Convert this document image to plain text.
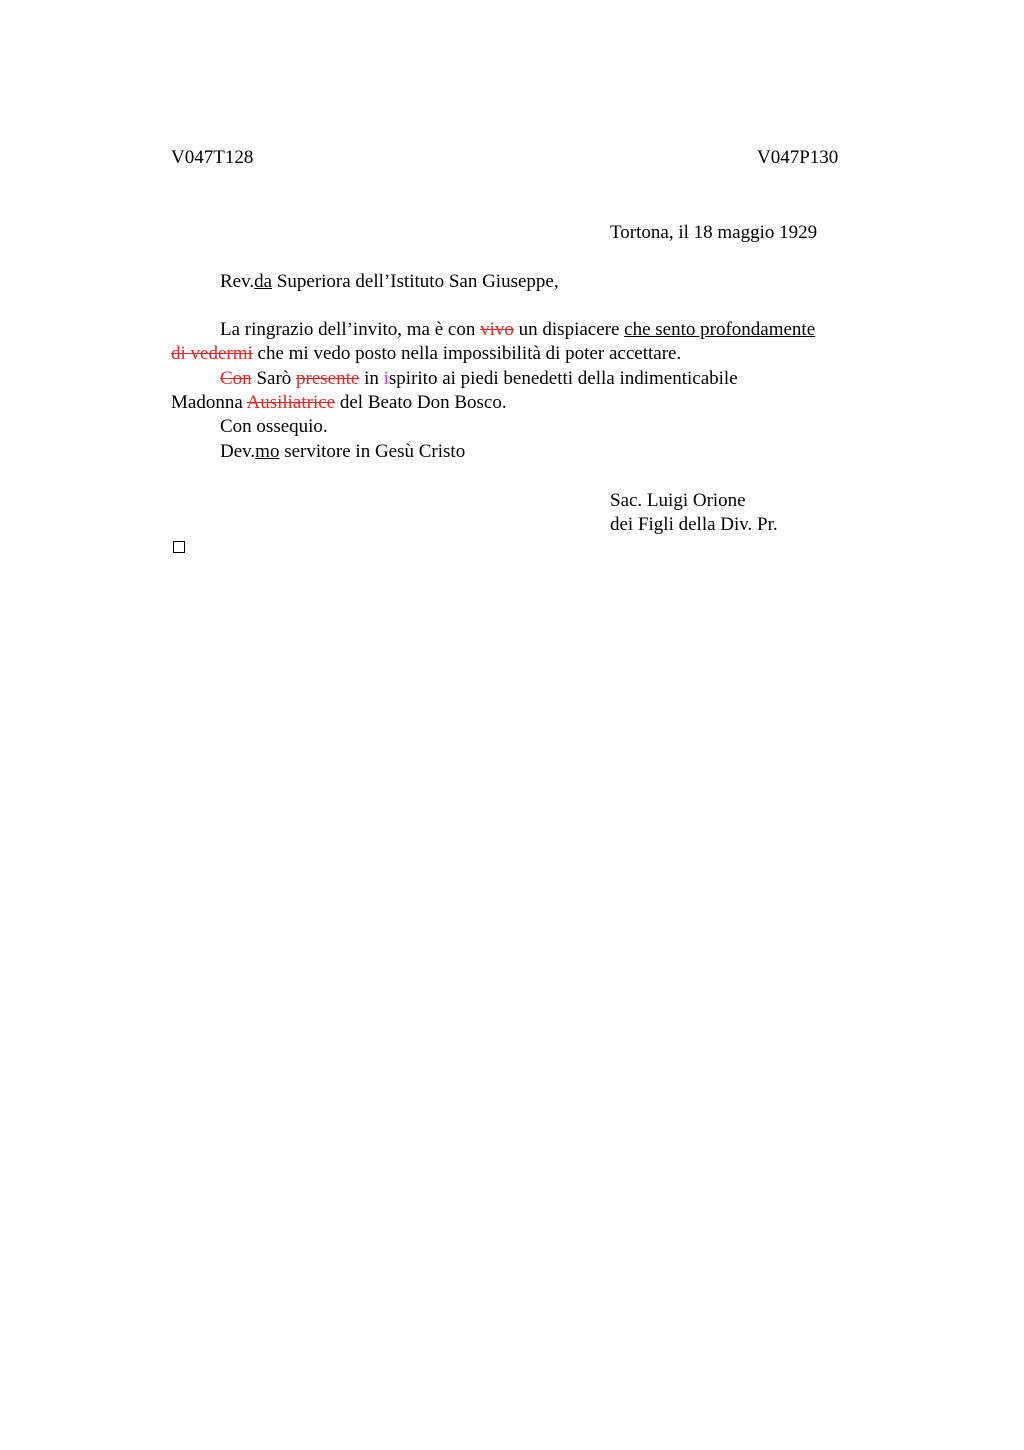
V047T128	V047P130
Tortona, il 18 maggio 1929
Rev.da Superiora dell’Istituto San Giuseppe,
La ringrazio dell’invito, ma è con vivo un dispiacere che sento profondamente
di vedermi che mi vedo posto nella impossibilità di poter accettare.
Con Sarò presente in ispirito ai piedi benedetti della indimenticabile
Madonna Ausiliatrice del Beato Don Bosco.
Con ossequio.
Dev.mo servitore in Gesù Cristo
Sac. Luigi Orione
dei Figli della Div. Pr.
